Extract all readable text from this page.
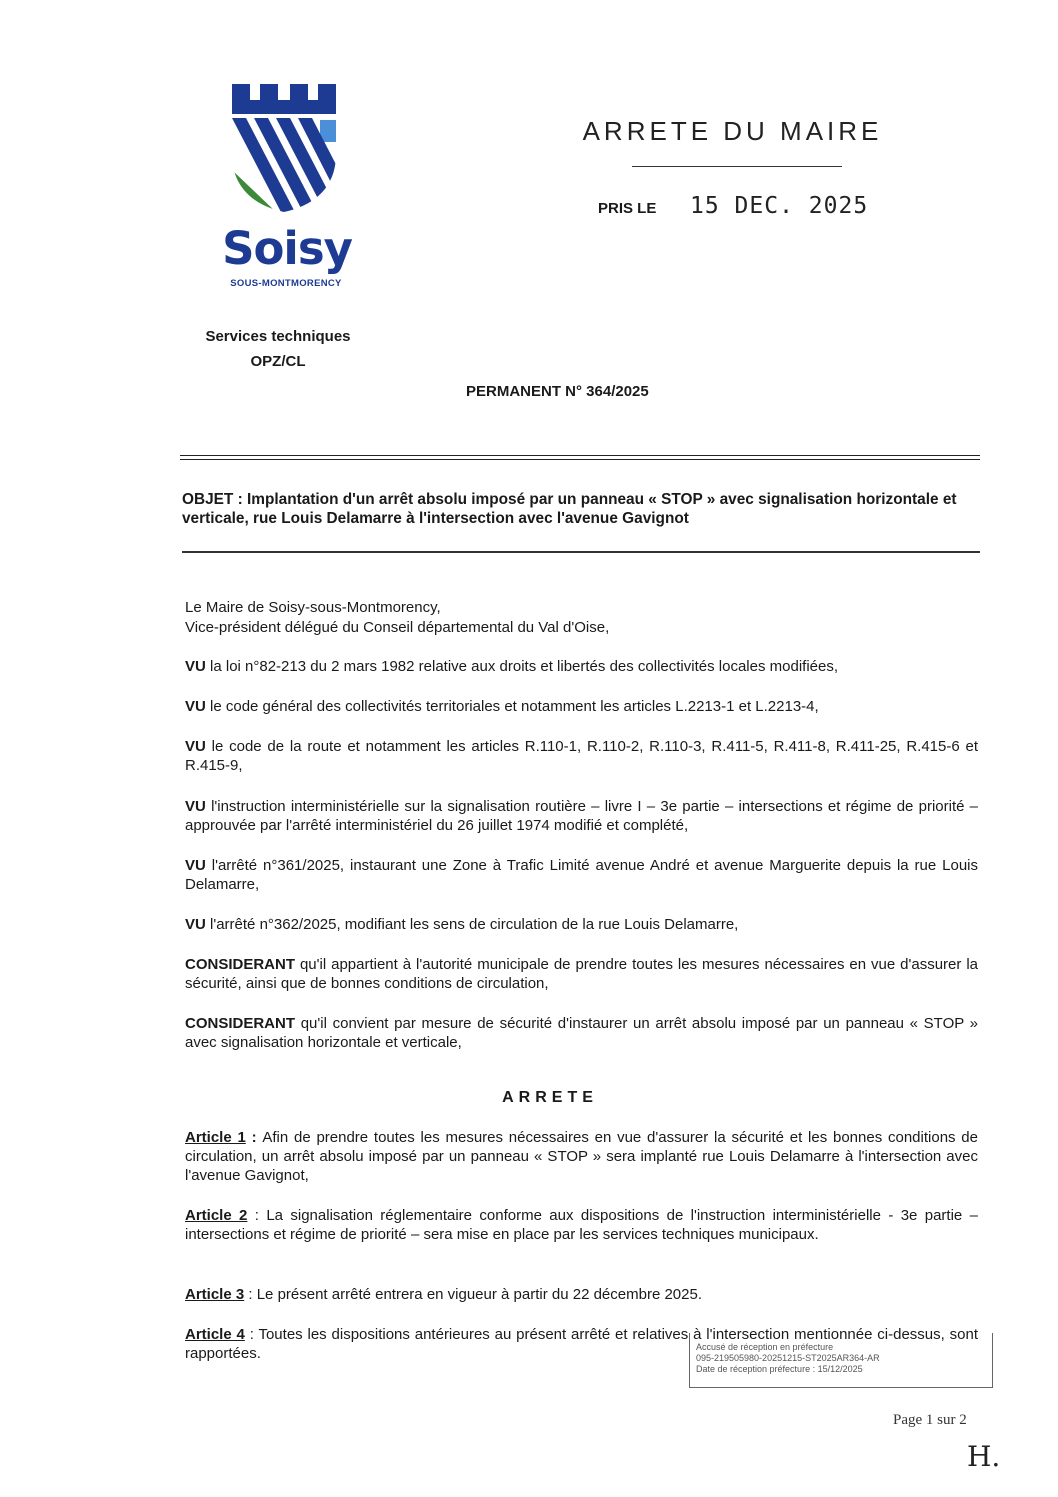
Soisy
SOUS-MONTMORENCY
ARRETE DU MAIRE
PRIS LE 15 DEC. 2025
Services techniques
OPZ/CL
PERMANENT N° 364/2025
OBJET : Implantation d'un arrêt absolu imposé par un panneau « STOP » avec signalisation horizontale et verticale, rue Louis Delamarre à l'intersection avec l'avenue Gavignot
Le Maire de Soisy-sous-Montmorency,
Vice-président délégué du Conseil départemental du Val d'Oise,
VU la loi n°82-213 du 2 mars 1982 relative aux droits et libertés des collectivités locales modifiées,
VU le code général des collectivités territoriales et notamment les articles L.2213-1 et L.2213-4,
VU le code de la route et notamment les articles R.110-1, R.110-2, R.110-3, R.411-5, R.411-8, R.411-25, R.415-6 et R.415-9,
VU l'instruction interministérielle sur la signalisation routière – livre I – 3e partie – intersections et régime de priorité – approuvée par l'arrêté interministériel du 26 juillet 1974 modifié et complété,
VU l'arrêté n°361/2025, instaurant une Zone à Trafic Limité avenue André et avenue Marguerite depuis la rue Louis Delamarre,
VU l'arrêté n°362/2025, modifiant les sens de circulation de la rue Louis Delamarre,
CONSIDERANT qu'il appartient à l'autorité municipale de prendre toutes les mesures nécessaires en vue d'assurer la sécurité, ainsi que de bonnes conditions de circulation,
CONSIDERANT qu'il convient par mesure de sécurité d'instaurer un arrêt absolu imposé par un panneau « STOP » avec signalisation horizontale et verticale,
ARRETE
Article 1 : Afin de prendre toutes les mesures nécessaires en vue d'assurer la sécurité et les bonnes conditions de circulation, un arrêt absolu imposé par un panneau « STOP » sera implanté rue Louis Delamarre à l'intersection avec l'avenue Gavignot,
Article 2 : La signalisation réglementaire conforme aux dispositions de l'instruction interministérielle - 3e partie – intersections et régime de priorité – sera mise en place par les services techniques municipaux.
Article 3 : Le présent arrêté entrera en vigueur à partir du 22 décembre 2025.
Article 4 : Toutes les dispositions antérieures au présent arrêté et relatives à l'intersection mentionnée ci-dessus, sont rapportées.	Accusé de réception en préfecture
095-219505980-20251215-ST2025AR364-AR
Date de réception préfecture : 15/12/2025
Page 1 sur 2
H.
